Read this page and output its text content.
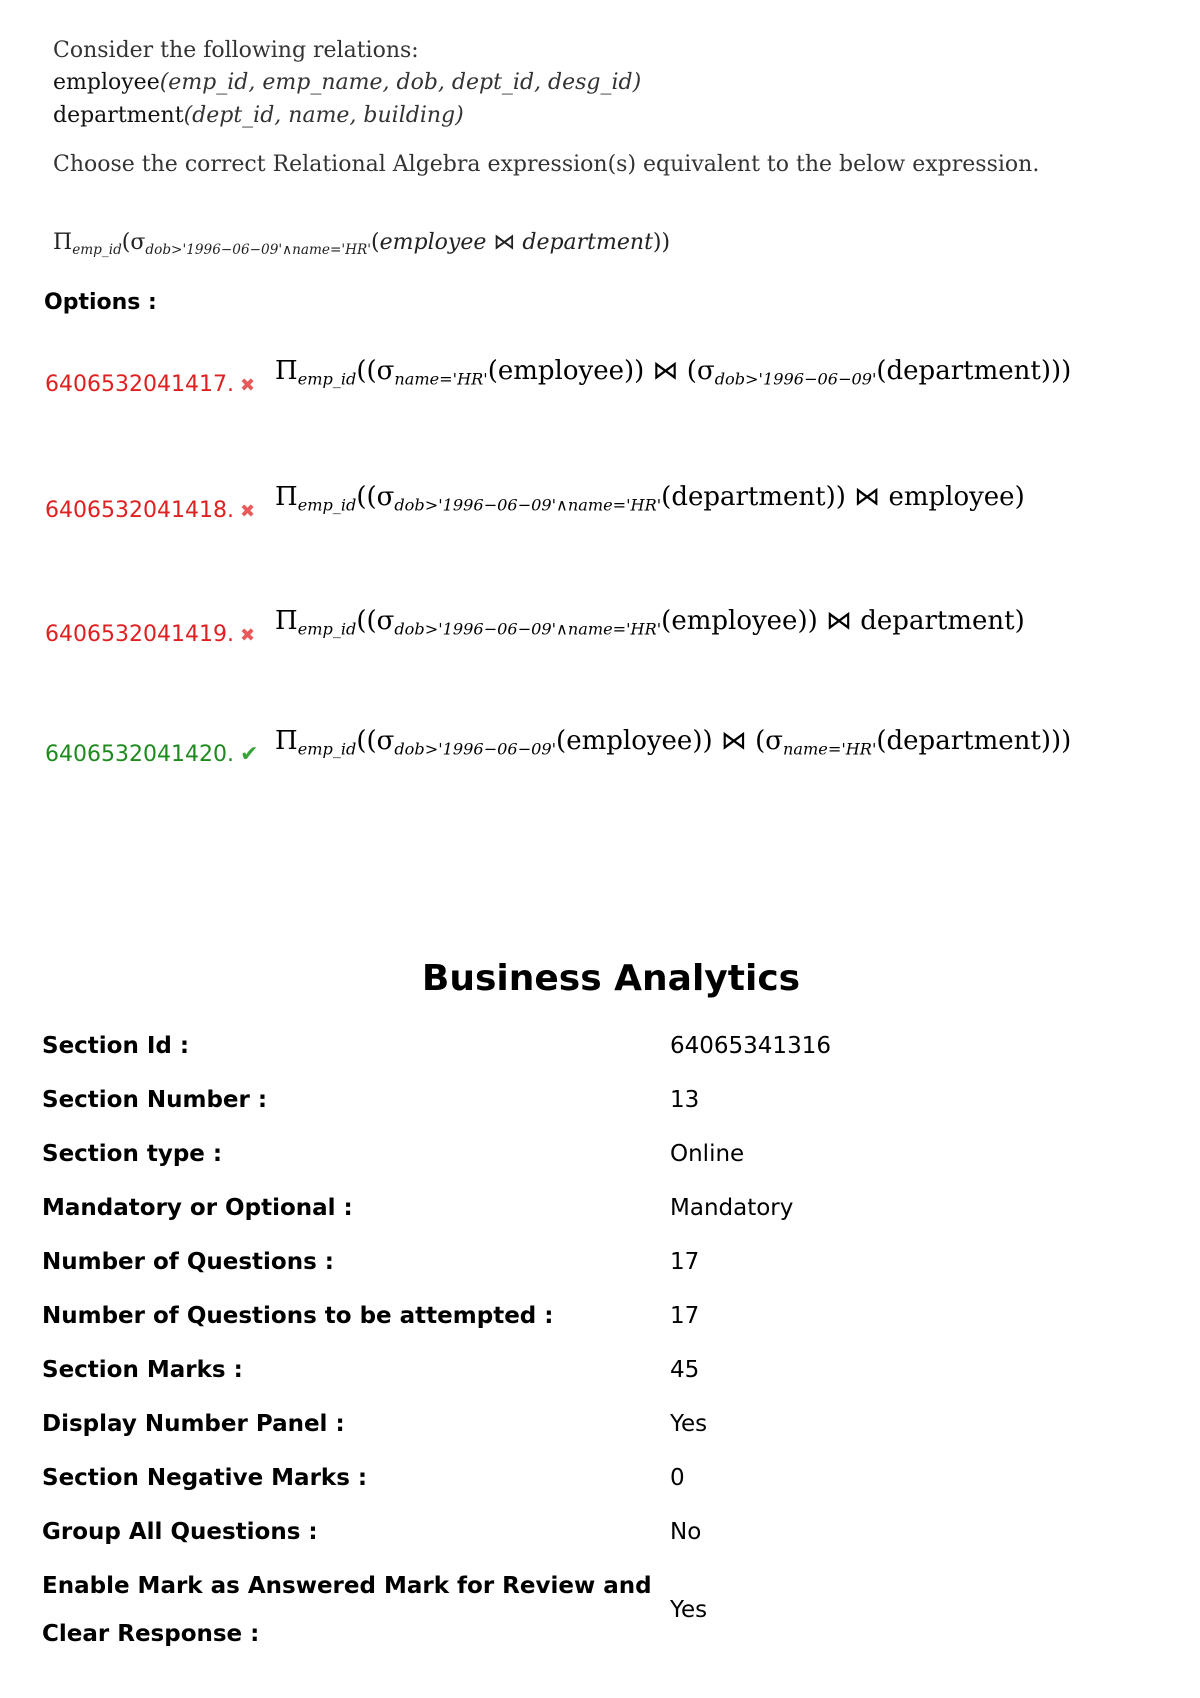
Consider the following relations:
employee(emp_id, emp_name, dob, dept_id, desg_id)
department(dept_id, name, building)
Choose the correct Relational Algebra expression(s) equivalent to the below expression.
$\Pi_{emp\_id}(\sigma_{dob>'1996-06-09'\wedge name='HR'}(employee$ ⋈ department))
Options :
6406532041417. ✖ $\Pi_{emp\_id}((\sigma_{name='HR'}(employee))$ ⋈ $(\sigma_{dob>'1996-06-09'}(department))$)
6406532041418. ✖ $\Pi_{emp\_id}((\sigma_{dob>'1996-06-09'\wedge name='HR'}(department))$ ⋈ employee)
6406532041419. ✖ $\Pi_{emp\_id}((\sigma_{dob>'1996-06-09'\wedge name='HR'}(employee))$ ⋈ department)
6406532041420. ✔ $\Pi_{emp\_id}((\sigma_{dob>'1996-06-09'}(employee))$ ⋈ $(\sigma_{name='HR'}(department))$)
Business Analytics
Section Id :	64065341316
Section Number :	13
Section type :	Online
Mandatory or Optional :	Mandatory
Number of Questions :	17
Number of Questions to be attempted :	17
Section Marks :	45
Display Number Panel :	Yes
Section Negative Marks :	0
Group All Questions :	No
Enable Mark as Answered Mark for Review and
Clear Response :
Yes
